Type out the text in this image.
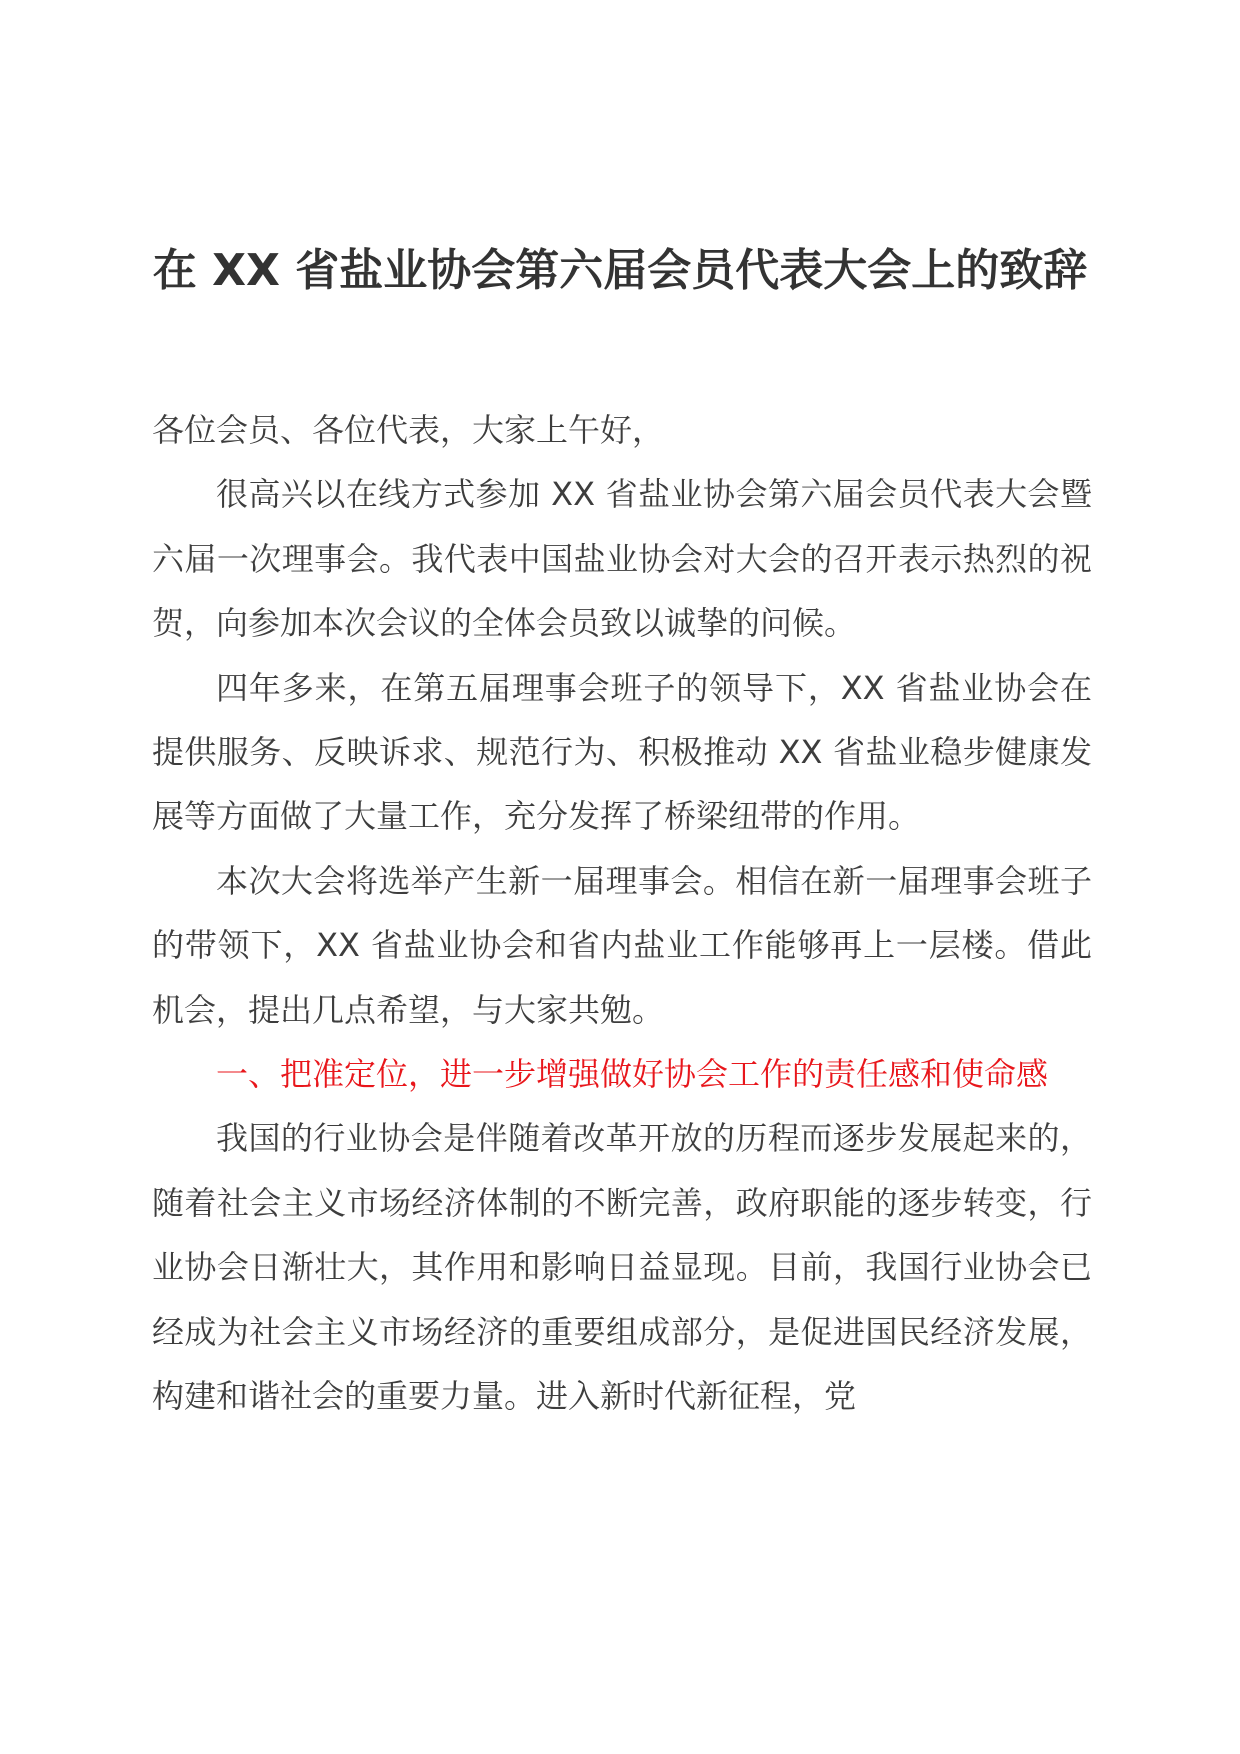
在 XX 省盐业协会第六届会员代表大会上的致辞

各位会员、各位代表，大家上午好，

很高兴以在线方式参加 XX 省盐业协会第六届会员代表大会暨六届一次理事会。我代表中国盐业协会对大会的召开表示热烈的祝贺，向参加本次会议的全体会员致以诚挚的问候。

四年多来，在第五届理事会班子的领导下，XX 省盐业协会在提供服务、反映诉求、规范行为、积极推动 XX 省盐业稳步健康发展等方面做了大量工作，充分发挥了桥梁纽带的作用。

本次大会将选举产生新一届理事会。相信在新一届理事会班子的带领下，XX 省盐业协会和省内盐业工作能够再上一层楼。借此机会，提出几点希望，与大家共勉。

一、把准定位，进一步增强做好协会工作的责任感和使命感

我国的行业协会是伴随着改革开放的历程而逐步发展起来的，随着社会主义市场经济体制的不断完善，政府职能的逐步转变，行业协会日渐壮大，其作用和影响日益显现。目前，我国行业协会已经成为社会主义市场经济的重要组成部分，是促进国民经济发展，构建和谐社会的重要力量。进入新时代新征程，党
